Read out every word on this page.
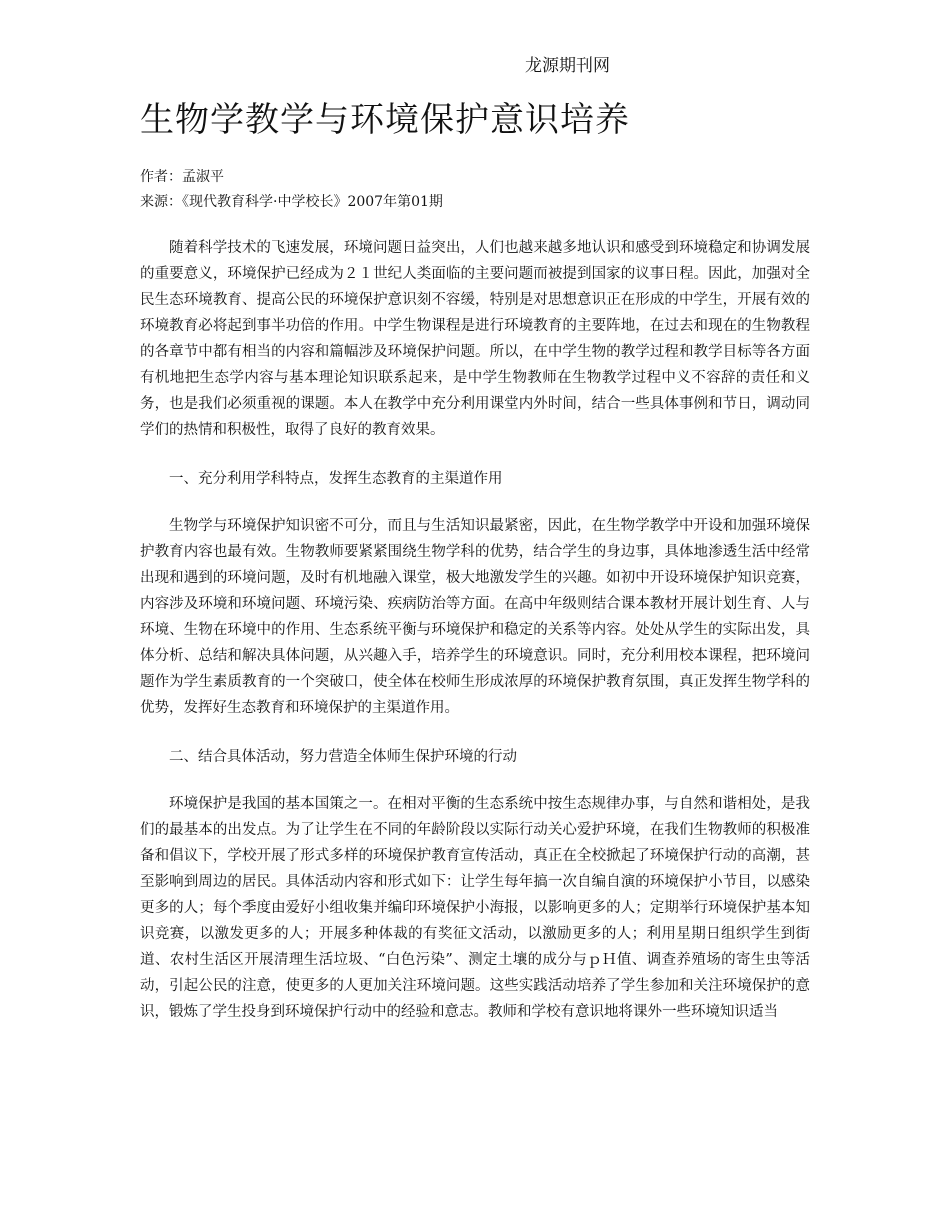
龙源期刊网
生物学教学与环境保护意识培养
作者：孟淑平
来源：《现代教育科学·中学校长》2007年第01期

随着科学技术的飞速发展，环境问题日益突出，人们也越来越多地认识和感受到环境稳定和协调发展的重要意义，环境保护已经成为２１世纪人类面临的主要问题而被提到国家的议事日程。因此，加强对全民生态环境教育、提高公民的环境保护意识刻不容缓，特别是对思想意识正在形成的中学生，开展有效的环境教育必将起到事半功倍的作用。中学生物课程是进行环境教育的主要阵地，在过去和现在的生物教程的各章节中都有相当的内容和篇幅涉及环境保护问题。所以，在中学生物的教学过程和教学目标等各方面有机地把生态学内容与基本理论知识联系起来，是中学生物教师在生物教学过程中义不容辞的责任和义务，也是我们必须重视的课题。本人在教学中充分利用课堂内外时间，结合一些具体事例和节日，调动同学们的热情和积极性，取得了良好的教育效果。

一、充分利用学科特点，发挥生态教育的主渠道作用

生物学与环境保护知识密不可分，而且与生活知识最紧密，因此，在生物学教学中开设和加强环境保护教育内容也最有效。生物教师要紧紧围绕生物学科的优势，结合学生的身边事，具体地渗透生活中经常出现和遇到的环境问题，及时有机地融入课堂，极大地激发学生的兴趣。如初中开设环境保护知识竞赛，内容涉及环境和环境问题、环境污染、疾病防治等方面。在高中年级则结合课本教材开展计划生育、人与环境、生物在环境中的作用、生态系统平衡与环境保护和稳定的关系等内容。处处从学生的实际出发，具体分析、总结和解决具体问题，从兴趣入手，培养学生的环境意识。同时，充分利用校本课程，把环境问题作为学生素质教育的一个突破口，使全体在校师生形成浓厚的环境保护教育氛围，真正发挥生物学科的优势，发挥好生态教育和环境保护的主渠道作用。

二、结合具体活动，努力营造全体师生保护环境的行动

环境保护是我国的基本国策之一。在相对平衡的生态系统中按生态规律办事，与自然和谐相处，是我们的最基本的出发点。为了让学生在不同的年龄阶段以实际行动关心爱护环境，在我们生物教师的积极准备和倡议下，学校开展了形式多样的环境保护教育宣传活动，真正在全校掀起了环境保护行动的高潮，甚至影响到周边的居民。具体活动内容和形式如下：让学生每年搞一次自编自演的环境保护小节目，以感染更多的人；每个季度由爱好小组收集并编印环境保护小海报，以影响更多的人；定期举行环境保护基本知识竞赛，以激发更多的人；开展多种体裁的有奖征文活动，以激励更多的人；利用星期日组织学生到街道、农村生活区开展清理生活垃圾、“白色污染”、测定土壤的成分与ｐＨ值、调查养殖场的寄生虫等活动，引起公民的注意，使更多的人更加关注环境问题。这些实践活动培养了学生参加和关注环境保护的意识，锻炼了学生投身到环境保护行动中的经验和意志。教师和学校有意识地将课外一些环境知识适当
